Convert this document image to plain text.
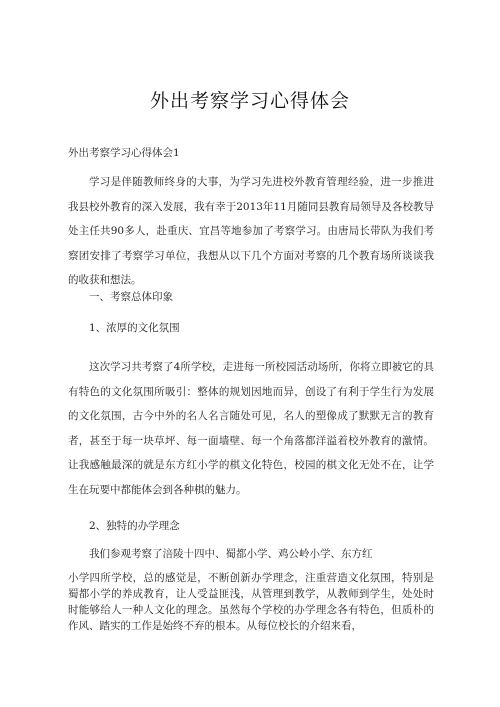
外出考察学习心得体会
外出考察学习心得体会1

学习是伴随教师终身的大事，为学习先进校外教育管理经验，进一步推进我县校外教育的深入发展，我有幸于2013年11月随同县教育局领导及各校教导处主任共90多人，赴重庆、宜昌等地参加了考察学习。由唐局长带队为我们考察团安排了考察学习单位，我想从以下几个方面对考察的几个教育场所谈谈我的收获和想法。

一、考察总体印象
1、浓厚的文化氛围

这次学习共考察了4所学校，走进每一所校园活动场所，你将立即被它的具有特色的文化氛围所吸引：整体的规划因地而异，创设了有利于学生行为发展的文化氛围，古今中外的名人名言随处可见，名人的塑像成了默默无言的教育者，甚至于每一块草坪、每一面墙壁、每一个角落都洋溢着校外教育的激情。让我感触最深的就是东方红小学的棋文化特色，校园的棋文化无处不在，让学生在玩要中都能体会到各种棋的魅力。

2、独特的办学理念
我们参观考察了涪陵十四中、蜀都小学、鸡公岭小学、东方红

小学四所学校，总的感觉是，不断创新办学理念，注重营造文化氛围，特别是蜀都小学的养成教育，让人受益匪浅，从管理到教学，从教师到学生，处处时时能够给人一种人文化的理念。虽然每个学校的办学理念各有特色，但质朴的作风、踏实的工作是始终不弃的根本。从每位校长的介绍来看，
